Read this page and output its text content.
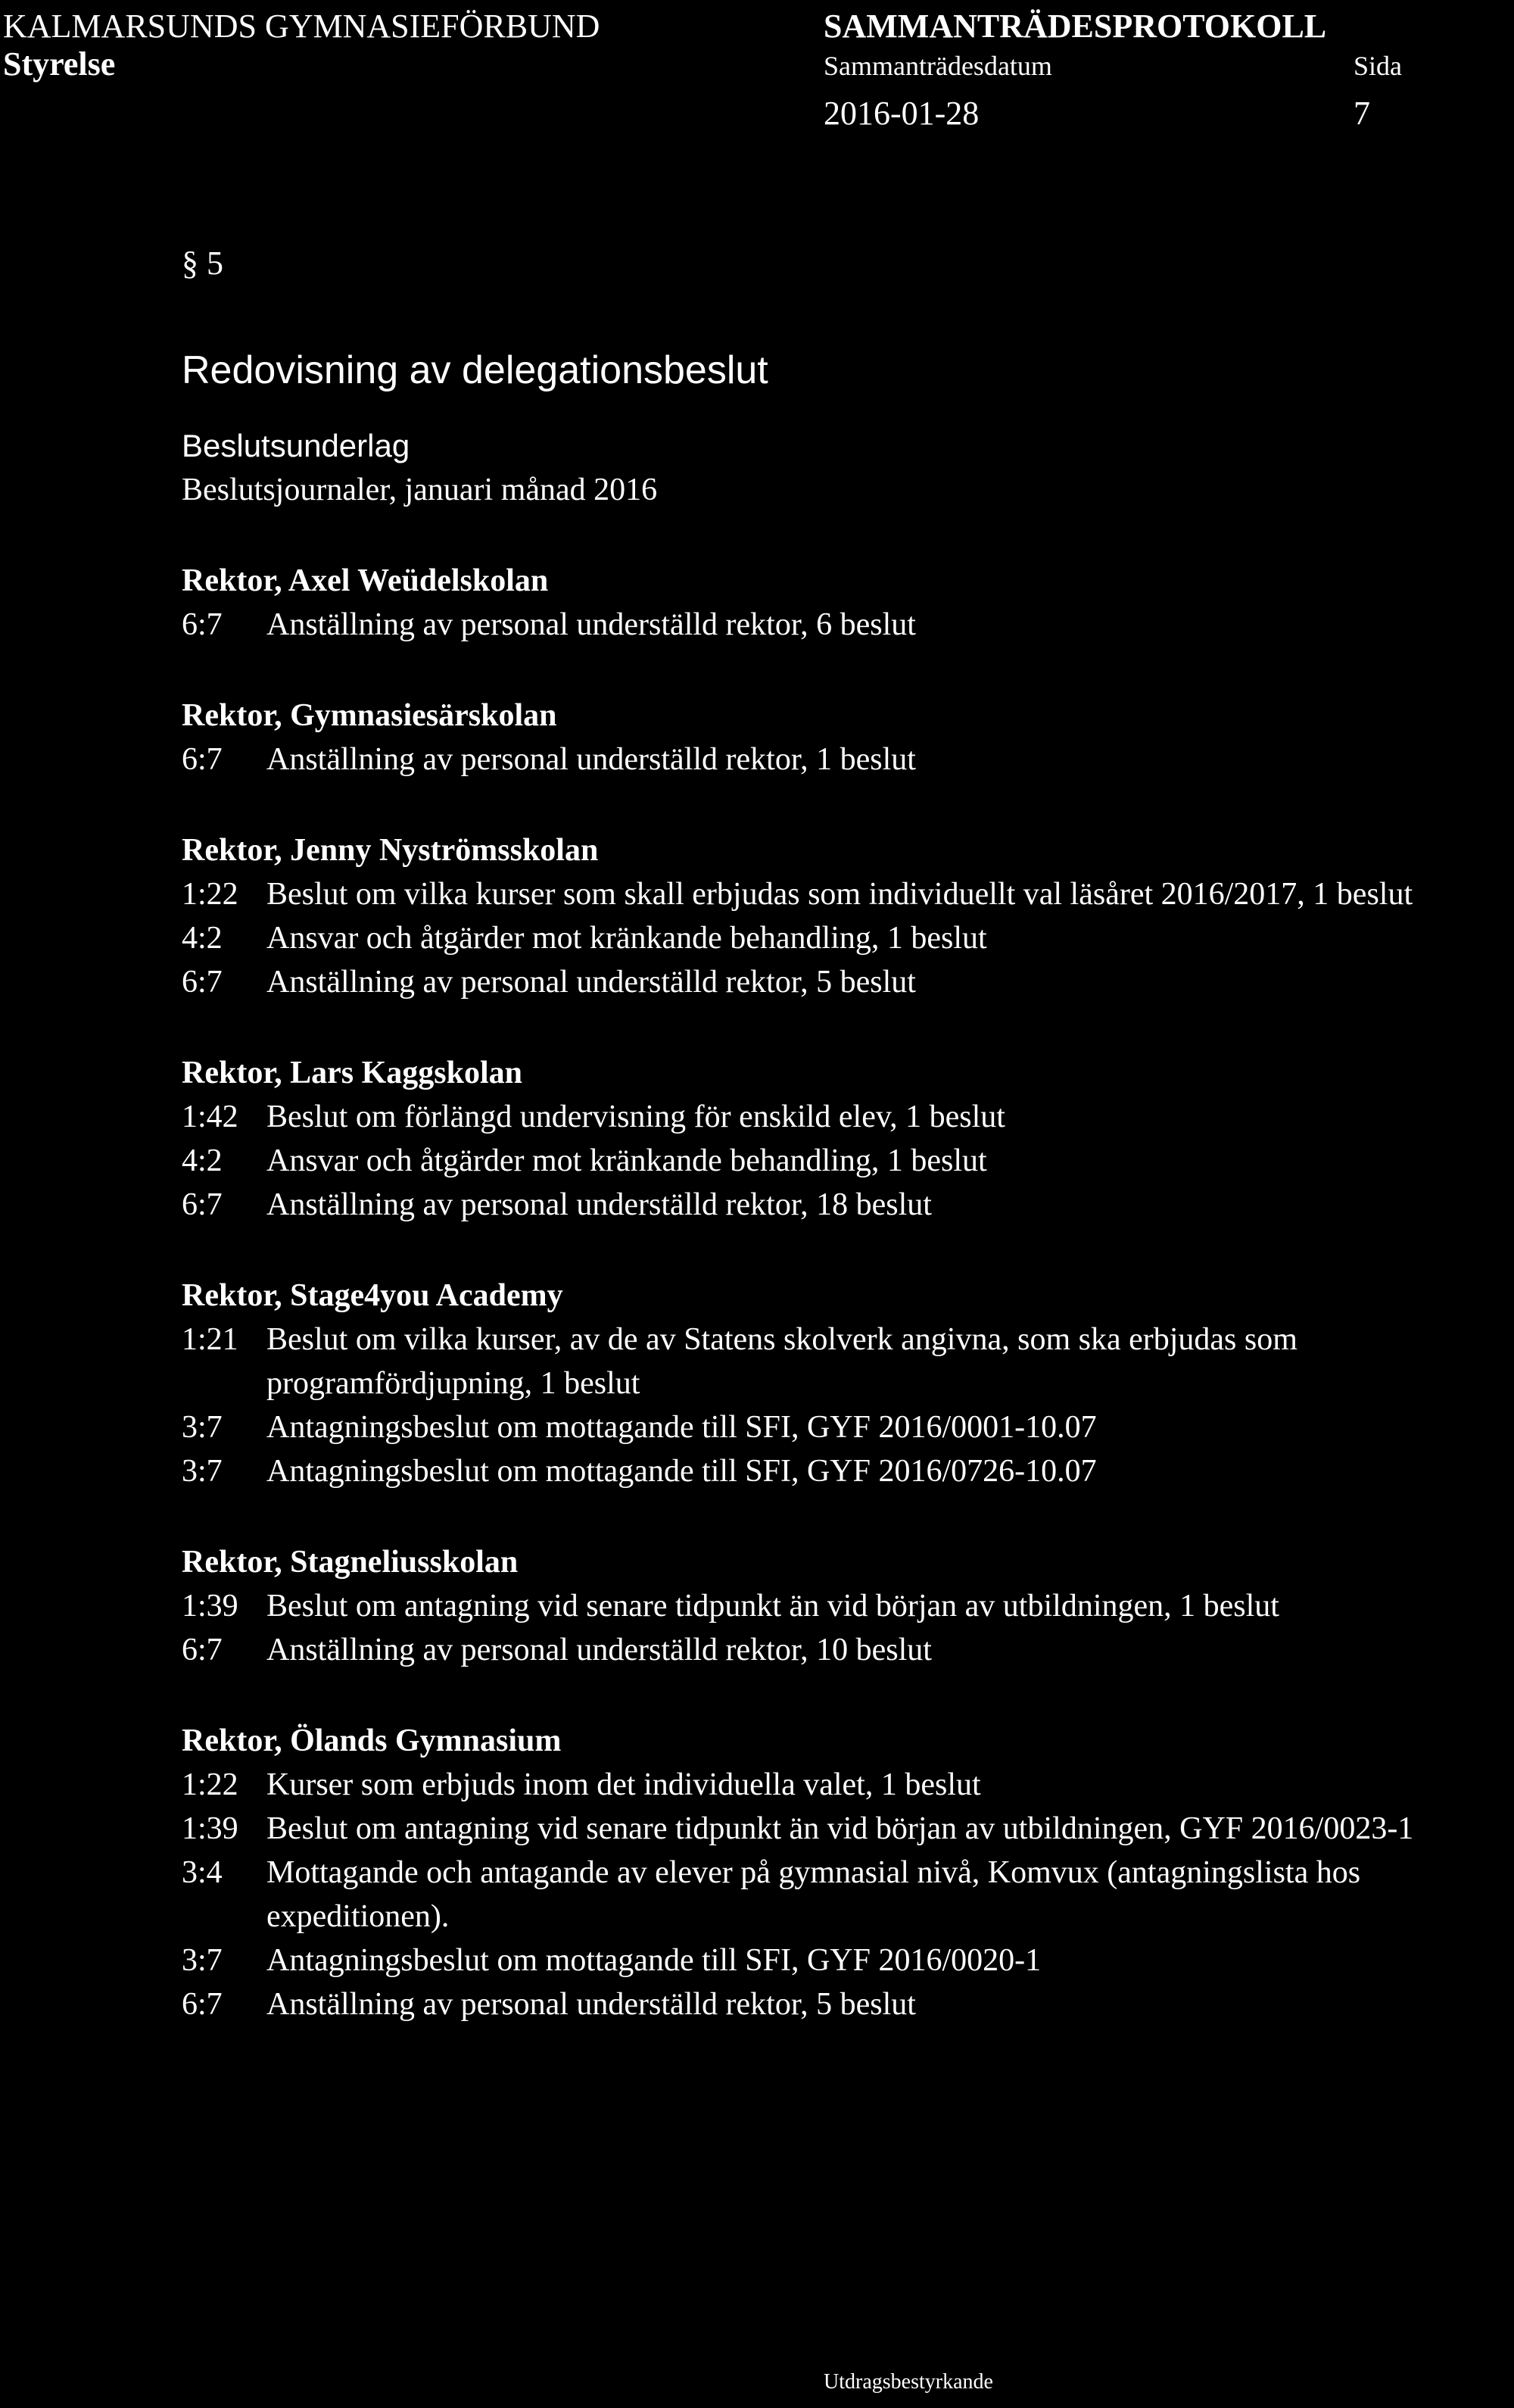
KALMARSUNDS GYMNASIEFÖRBUND
Styrelse
SAMMANTRÄDESPROTOKOLL
Sammanträdesdatum	Sida
2016-01-28	7
§ 5
Redovisning av delegationsbeslut
Beslutsunderlag
Beslutsjournaler, januari månad 2016
Rektor, Axel Weüdelskolan
6:7	Anställning av personal underställd rektor, 6 beslut
Rektor, Gymnasiesärskolan
6:7	Anställning av personal underställd rektor, 1 beslut
Rektor, Jenny Nyströmsskolan
1:22 Beslut om vilka kurser som skall erbjudas som individuellt val läsåret 2016/2017, 1 beslut
4:2	Ansvar och åtgärder mot kränkande behandling, 1 beslut
6:7	Anställning av personal underställd rektor, 5 beslut
Rektor, Lars Kaggskolan
1:42 Beslut om förlängd undervisning för enskild elev, 1 beslut
4:2	Ansvar och åtgärder mot kränkande behandling, 1 beslut
6:7	Anställning av personal underställd rektor, 18 beslut
Rektor, Stage4you Academy
1:21 Beslut om vilka kurser, av de av Statens skolverk angivna, som ska erbjudas som programfördjupning, 1 beslut
3:7	Antagningsbeslut om mottagande till SFI, GYF 2016/0001-10.07
3:7	Antagningsbeslut om mottagande till SFI, GYF 2016/0726-10.07
Rektor, Stagneliusskolan
1:39 Beslut om antagning vid senare tidpunkt än vid början av utbildningen, 1 beslut
6:7	Anställning av personal underställd rektor, 10 beslut
Rektor, Ölands Gymnasium
1:22 Kurser som erbjuds inom det individuella valet, 1 beslut
1:39 Beslut om antagning vid senare tidpunkt än vid början av utbildningen, GYF 2016/0023-1
3:4	Mottagande och antagande av elever på gymnasial nivå, Komvux (antagningslista hos expeditionen).
3:7	Antagningsbeslut om mottagande till SFI, GYF 2016/0020-1
6:7	Anställning av personal underställd rektor, 5 beslut
Utdragsbestyrkande
